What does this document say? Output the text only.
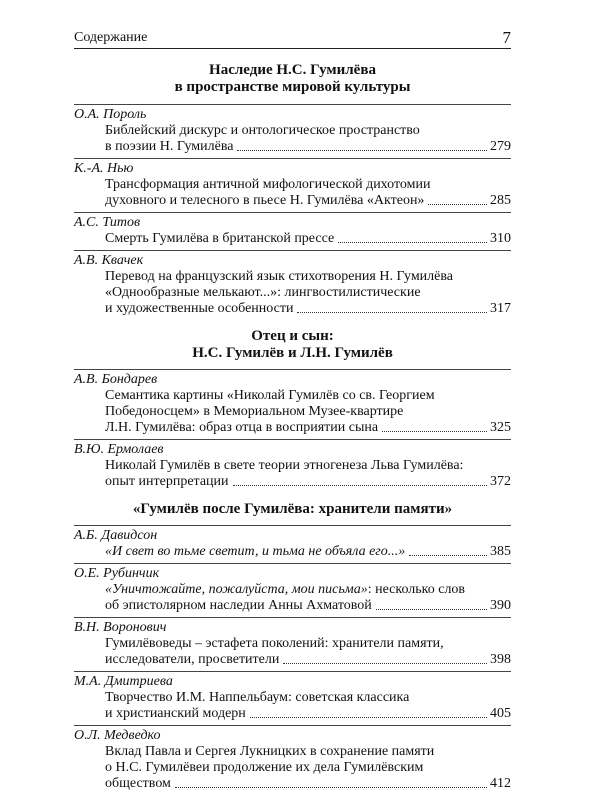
Содержание	7
Наследие Н.С. Гумилёва
в пространстве мировой культуры
О.А. Пороль
Библейский дискурс и онтологическое пространство
в поэзии Н. Гумилёва	279
К.-А. Нью
Трансформация античной мифологической дихотомии
духовного и телесного в пьесе Н. Гумилёва «Актеон»	285
А.С. Титов
Смерть Гумилёва в британской прессе	310
А.В. Квачек
Перевод на французский язык стихотворения Н. Гумилёва
«Однообразные мелькают...»: лингвостилистические
и художественные особенности	317
Отец и сын:
Н.С. Гумилёв и Л.Н. Гумилёв
А.В. Бондарев
Семантика картины «Николай Гумилёв со св. Георгием
Победоносцем» в Мемориальном Музее-квартире
Л.Н. Гумилёва: образ отца в восприятии сына	325
В.Ю. Ермолаев
Николай Гумилёв в свете теории этногенеза Льва Гумилёва:
опыт интерпретации	372
«Гумилёв после Гумилёва: хранители памяти»
А.Б. Давидсон
«И свет во тьме светит, и тьма не объяла его...»	385
О.Е. Рубинчик
«Уничтожайте, пожалуйста, мои письма»: несколько слов
об эпистолярном наследии Анны Ахматовой	390
В.Н. Воронович
Гумилёвоведы – эстафета поколений: хранители памяти,
исследователи, просветители	398
М.А. Дмитриева
Творчество И.М. Наппельбаум: советская классика
и христианский модерн	405
О.Л. Медведко
Вклад Павла и Сергея Лукницких в сохранение памяти
о Н.С. Гумилёвеи продолжение их дела Гумилёвским
обществом	412
